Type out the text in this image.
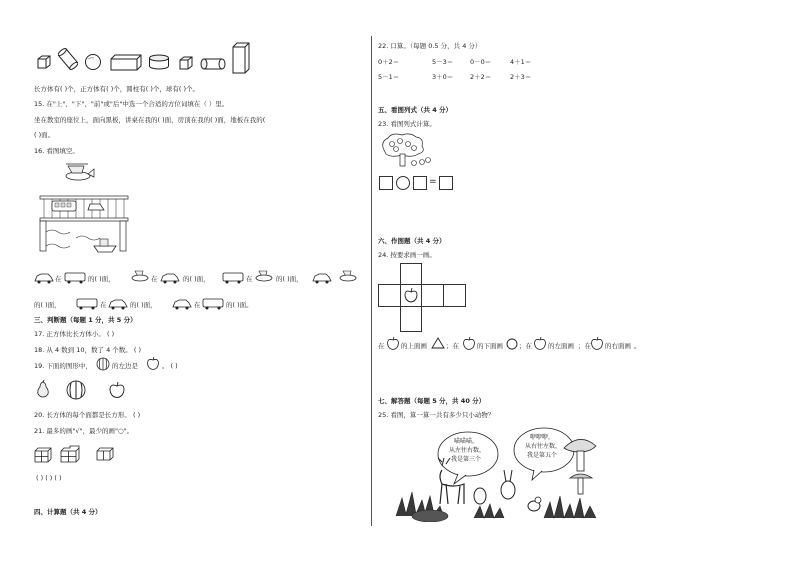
长方体有( )个，正方体有( )个，圆柱有( )个，球有( )个。
15. 在"上"、"下"、"前"或"后"中选一个合适的方位词填在（ ）里。
坐在教室的座位上，面向黑板，讲桌在我的( )面，房顶在我的( )面，地板在我的(
( )面。
16. 看图填空。
在	的( )面，	在	的( )面，	在	的( )面，
的( )面，	在	的( )面，	在	的( )面。
三、判断题（每题 1 分，共 5 分）
17. 正方体比长方体小。 ( )
18. 从 4 数到 10，数了 4 个数。 ( )
19. 下面的图形中，	的左边是	。 ( )
20. 长方体的每个面都是长方形。 ( )
21. 最多的画"√"，最少的画"○"。
( ) ( ) ( )
四、计算题（共 4 分）
22. 口算。（每题 0.5 分，共 4 分）
0＋2＝	5－3＝	0－0＝	4＋1＝
5－1＝	3＋0＝	2＋2＝	2＋3＝
五、看图列式（共 4 分）
23. 看图列式计算。
=
六、作图题（共 4 分）
24. 按要求画一画。
在	的上面画	；在	的下面画 ；在 的左面画 ；在 的右面画 。
七、解答题（每题 5 分，共 40 分）
25. 看图，算一算一共有多少只小动物？
喵喵喵，
从左往右数，
我是第三个
咿咿咿，
从右往左数，
我是第五个
